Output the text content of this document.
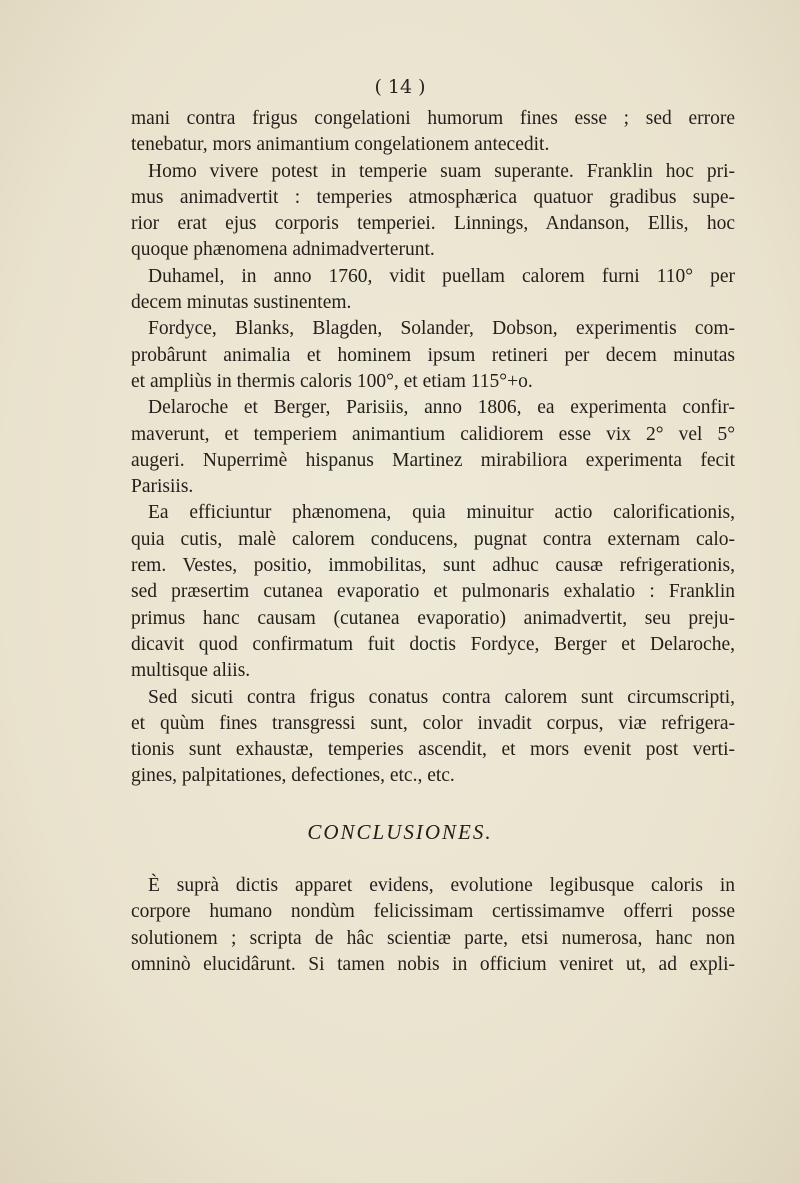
( 14 )
mani contra frigus congelationi humorum fines esse ; sed errore
tenebatur, mors animantium congelationem antecedit.
Homo vivere potest in temperie suam superante. Franklin hoc pri-
mus animadvertit : temperies atmosphærica quatuor gradibus supe-
rior erat ejus corporis temperiei. Linnings, Andanson, Ellis, hoc
quoque phænomena adnimadverterunt.
Duhamel, in anno 1760, vidit puellam calorem furni 110° per
decem minutas sustinentem.
Fordyce, Blanks, Blagden, Solander, Dobson, experimentis com-
probârunt animalia et hominem ipsum retineri per decem minutas
et ampliùs in thermis caloris 100°, et etiam 115°+o.
Delaroche et Berger, Parisiis, anno 1806, ea experimenta confir-
maverunt, et temperiem animantium calidiorem esse vix 2° vel 5°
augeri. Nuperrimè hispanus Martinez mirabiliora experimenta fecit
Parisiis.
Ea efficiuntur phænomena, quia minuitur actio calorificationis,
quia cutis, malè calorem conducens, pugnat contra externam calo-
rem. Vestes, positio, immobilitas, sunt adhuc causæ refrigerationis,
sed præsertim cutanea evaporatio et pulmonaris exhalatio : Franklin
primus hanc causam (cutanea evaporatio) animadvertit, seu preju-
dicavit quod confirmatum fuit doctis Fordyce, Berger et Delaroche,
multisque aliis.
Sed sicuti contra frigus conatus contra calorem sunt circumscripti,
et quùm fines transgressi sunt, color invadit corpus, viæ refrigera-
tionis sunt exhaustæ, temperies ascendit, et mors evenit post verti-
gines, palpitationes, defectiones, etc., etc.
CONCLUSIONES.
È suprà dictis apparet evidens, evolutione legibusque caloris in
corpore humano nondùm felicissimam certissimamve offerri posse
solutionem ; scripta de hâc scientiæ parte, etsi numerosa, hanc non
omninò elucidârunt. Si tamen nobis in officium veniret ut, ad expli-
